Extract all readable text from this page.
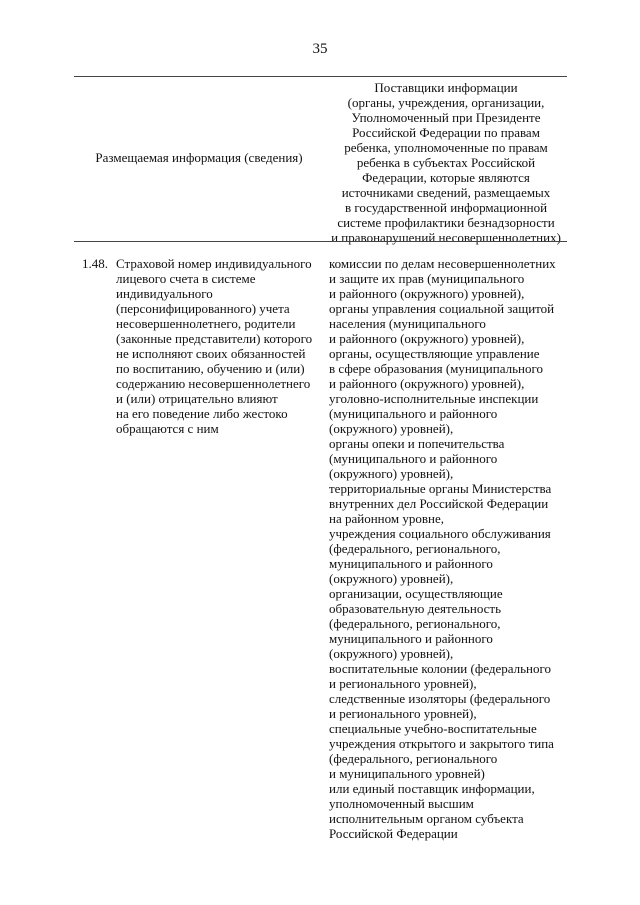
35
Размещаемая информация (сведения)
Поставщики информации
(органы, учреждения, организации,
Уполномоченный при Президенте
Российской Федерации по правам
ребенка, уполномоченные по правам
ребенка в субъектах Российской
Федерации, которые являются
источниками сведений, размещаемых
в государственной информационной
системе профилактики безнадзорности
и правонарушений несовершеннолетних)
1.48. Страховой номер индивидуального
лицевого счета в системе
индивидуального
(персонифицированного) учета
несовершеннолетнего, родители
(законные представители) которого
не исполняют своих обязанностей
по воспитанию, обучению и (или)
содержанию несовершеннолетнего
и (или) отрицательно влияют
на его поведение либо жестоко
обращаются с ним
комиссии по делам несовершеннолетних
и защите их прав (муниципального
и районного (окружного) уровней),
органы управления социальной защитой
населения (муниципального
и районного (окружного) уровней),
органы, осуществляющие управление
в сфере образования (муниципального
и районного (окружного) уровней),
уголовно-исполнительные инспекции
(муниципального и районного
(окружного) уровней),
органы опеки и попечительства
(муниципального и районного
(окружного) уровней),
территориальные органы Министерства
внутренних дел Российской Федерации
на районном уровне,
учреждения социального обслуживания
(федерального, регионального,
муниципального и районного
(окружного) уровней),
организации, осуществляющие
образовательную деятельность
(федерального, регионального,
муниципального и районного
(окружного) уровней),
воспитательные колонии (федерального
и регионального уровней),
следственные изоляторы (федерального
и регионального уровней),
специальные учебно-воспитательные
учреждения открытого и закрытого типа
(федерального, регионального
и муниципального уровней)
или единый поставщик информации,
уполномоченный высшим
исполнительным органом субъекта
Российской Федерации
